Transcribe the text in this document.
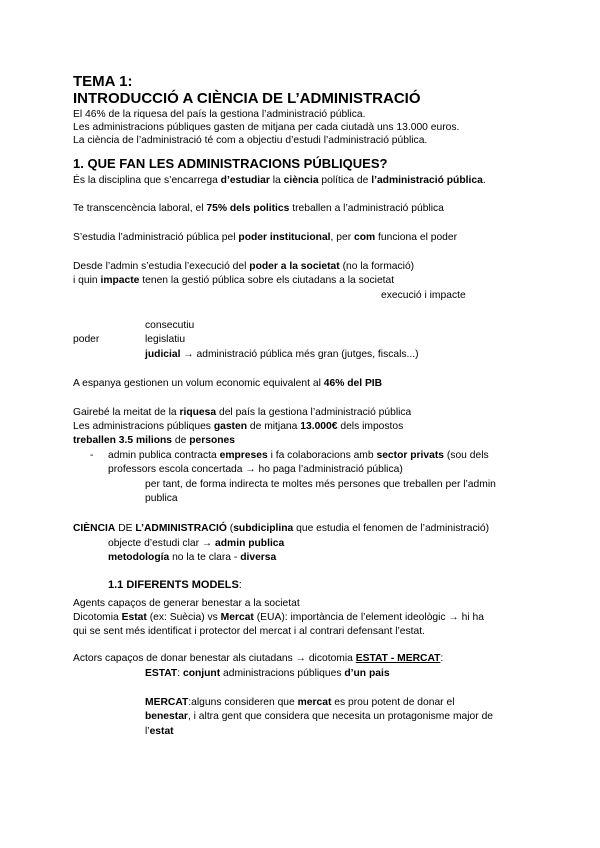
TEMA 1:
INTRODUCCIÓ A CIÈNCIA DE L’ADMINISTRACIÓ
El 46% de la riquesa del país la gestiona l’administració pública.
Les administracions públiques gasten de mitjana per cada ciutadà uns 13.000 euros.
La ciència de l’administració té com a objectiu d’estudi l’administració pública.
1. QUE FAN LES ADMINISTRACIONS PÚBLIQUES?
És la disciplina que s’encarrega d’estudiar la ciència política de l’administració pública.
Te transcencència laboral, el 75% dels politics treballen a l’administració pública
S’estudia l’administració pública pel poder institucional, per com funciona el poder
Desde l’admin s’estudia l’execució del poder a la societat (no la formació)
i quin impacte tenen la gestió pública sobre els ciutadans a la societat
execució i impacte
consecutiu
poder	legislatiu
judicial → administració pública més gran (jutges, fiscals...)
A espanya gestionen un volum economic equivalent al 46% del PIB
Gairebé la meitat de la riquesa del país la gestiona l’administració pública
Les administracions públiques gasten de mitjana 13.000€ dels impostos
treballen 3.5 milions de persones
- admin publica contracta empreses i fa colaboracions amb sector privats (sou dels
professors escola concertada → ho paga l’administració pública)
per tant, de forma indirecta te moltes més persones que treballen per l’admin
publica
CIÈNCIA DE L’ADMINISTRACIÓ (subdiciplina que estudia el fenomen de l’administració)
objecte d’estudi clar → admin publica
metodología no la te clara - diversa
1.1 DIFERENTS MODELS:
Agents capaços de generar benestar a la societat
Dicotomia Estat (ex: Suècia) vs Mercat (EUA): importància de l’element ideològic → hi ha
qui se sent més identificat i protector del mercat i al contrari defensant l’estat.
Actors capaços de donar benestar als ciutadans → dicotomia ESTAT - MERCAT:
ESTAT: conjunt administracions públiques d’un pais
MERCAT:alguns consideren que mercat es prou potent de donar el
benestar, i altra gent que considera que necesita un protagonisme major de
l’estat
